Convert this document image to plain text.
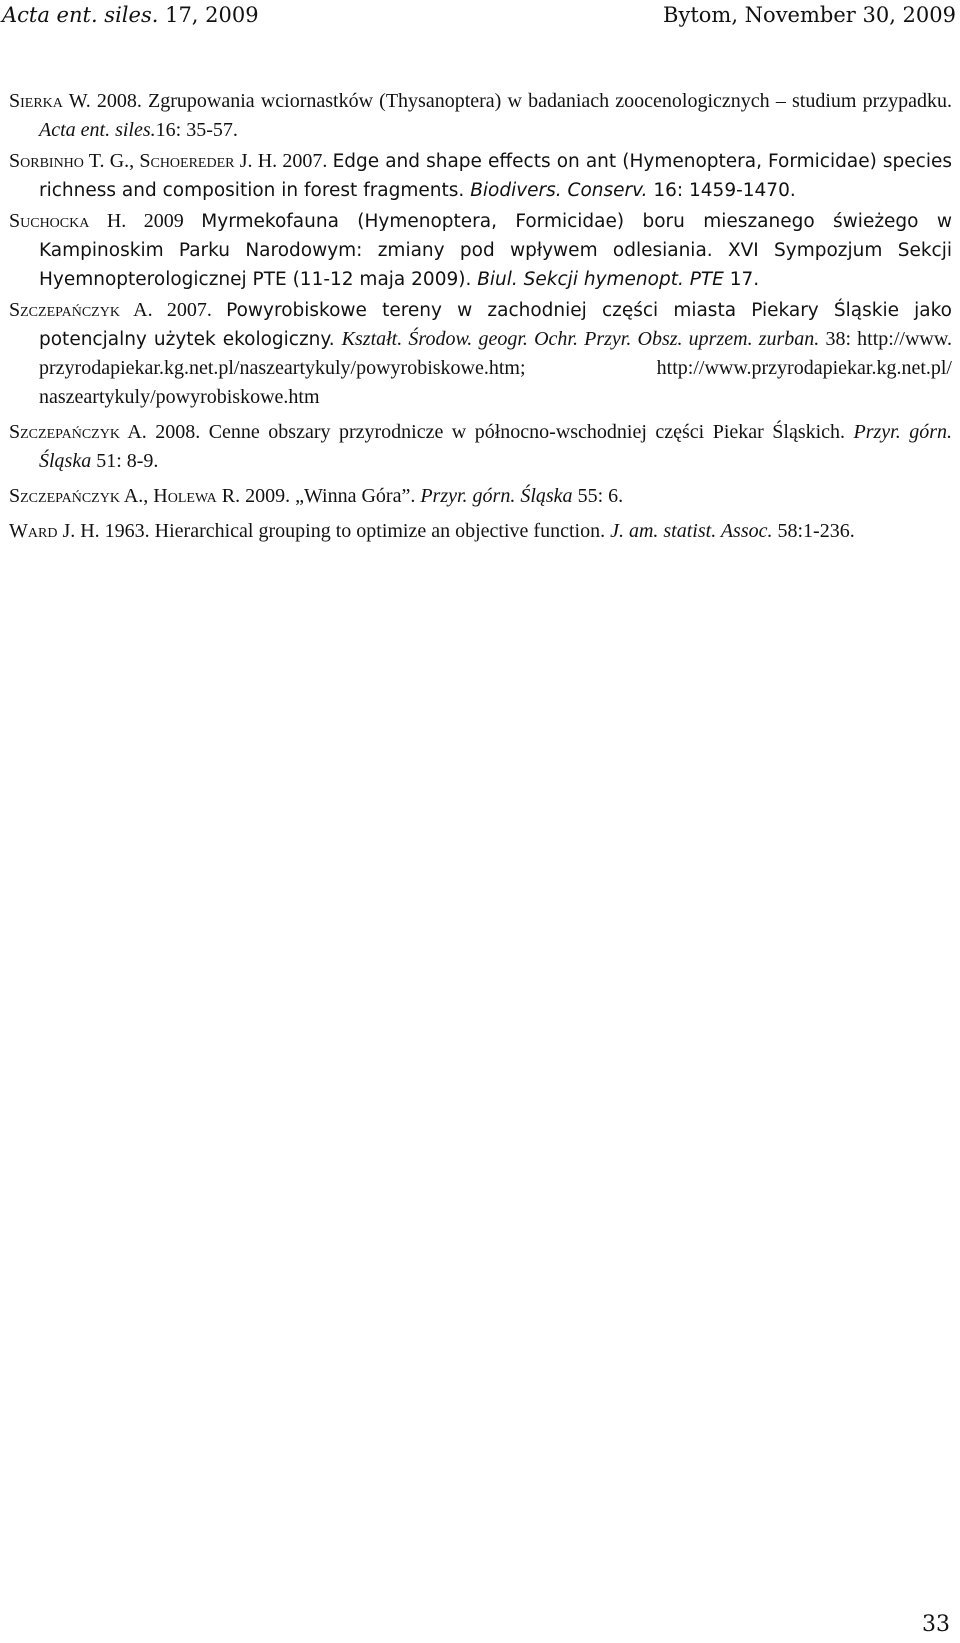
Acta ent. siles. 17, 2009	Bytom, November 30, 2009
Sierka W. 2008. Zgrupowania wciornastków (Thysanoptera) w badaniach zoocenologicznych – studium przypadku. Acta ent. siles.16: 35-57.
Sorbinho T. G., Schoereder J. H. 2007. Edge and shape effects on ant (Hymenoptera, Formicidae) species richness and composition in forest fragments. Biodivers. Conserv. 16: 1459-1470.
Suchocka H. 2009 Myrmekofauna (Hymenoptera, Formicidae) boru mieszanego świeżego w Kampinoskim Parku Narodowym: zmiany pod wpływem odlesiania. XVI Sympozjum Sekcji Hyemnopterologicznej PTE (11-12 maja 2009). Biul. Sekcji hymenopt. PTE 17.
Szczepańczyk A. 2007. Powyrobiskowe tereny w zachodniej części miasta Piekary Śląskie jako potencjalny użytek ekologiczny. Kształt. Środow. geogr. Ochr. Przyr. Obsz. uprzem. zurban. 38: http://www. przyrodapiekar.kg.net.pl/naszeartykuly/powyrobiskowe.htm; http://www.przyrodapiekar.kg.net.pl/ naszeartykuly/powyrobiskowe.htm
Szczepańczyk A. 2008. Cenne obszary przyrodnicze w północno-wschodniej części Piekar Śląskich. Przyr. górn. Śląska 51: 8-9.
Szczepańczyk A., Holewa R. 2009. „Winna Góra”. Przyr. górn. Śląska 55: 6.
Ward J. H. 1963. Hierarchical grouping to optimize an objective function. J. am. statist. Assoc. 58:1-236.
33
